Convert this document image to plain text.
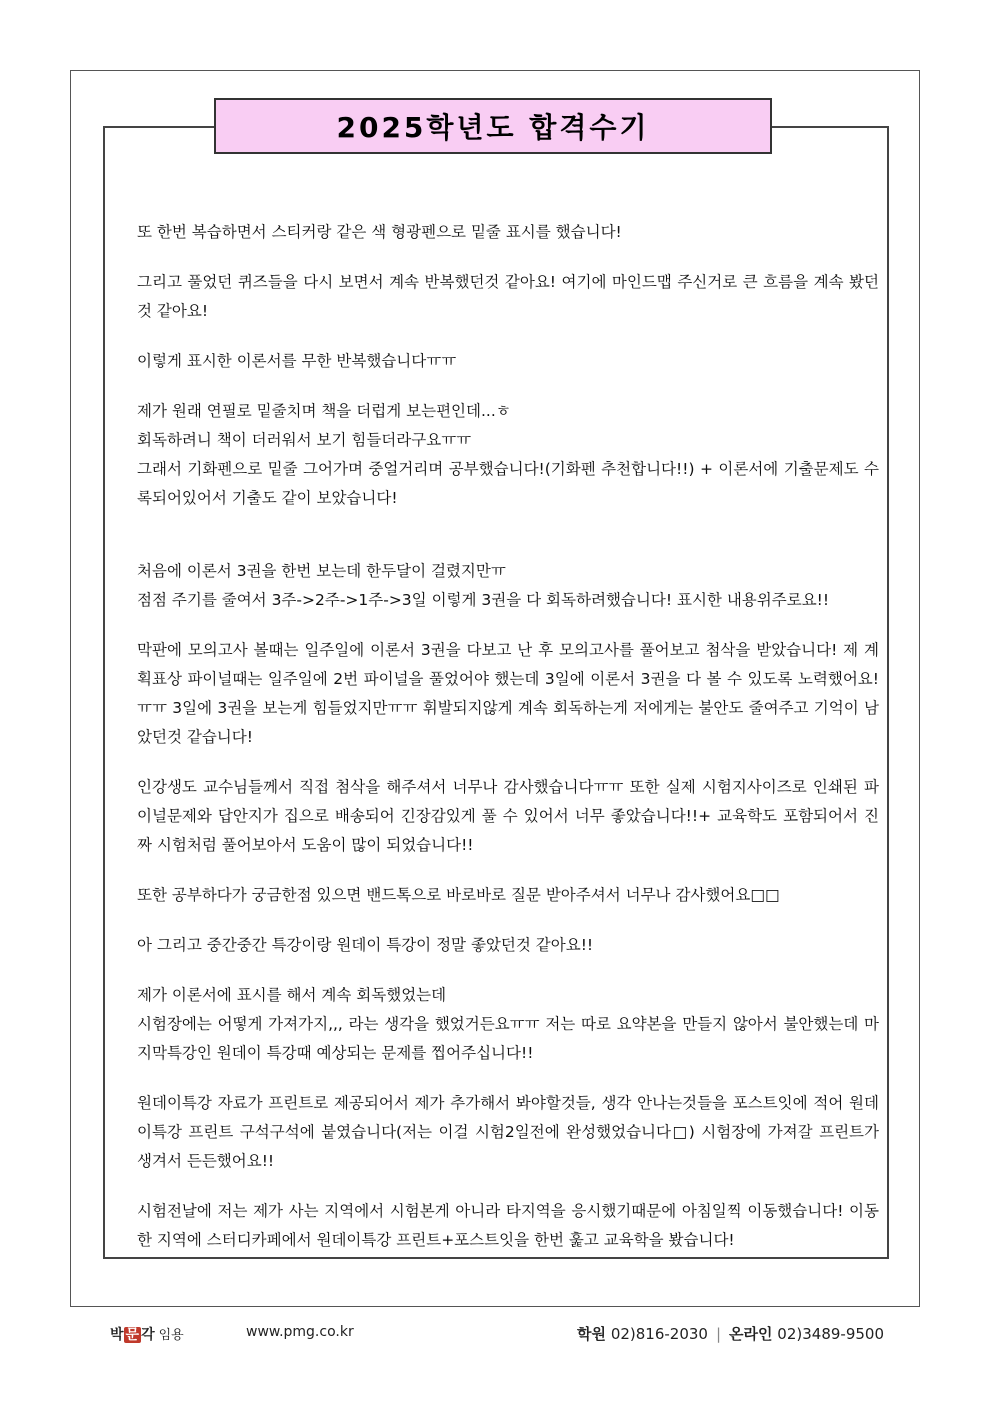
2025학년도 합격수기

또 한번 복습하면서 스티커랑 같은 색 형광펜으로 밑줄 표시를 했습니다!

그리고 풀었던 퀴즈들을 다시 보면서 계속 반복했던것 같아요! 여기에 마인드맵 주신거로 큰 흐름을 계속 봤던것 같아요!

이렇게 표시한 이론서를 무한 반복했습니다ㅠㅠ

제가 원래 연필로 밑줄치며 책을 더럽게 보는편인데...ㅎ
회독하려니 책이 더러워서 보기 힘들더라구요ㅠㅠ
그래서 기화펜으로 밑줄 그어가며 중얼거리며 공부했습니다!(기화펜 추천합니다!!) + 이론서에 기출문제도 수록되어있어서 기출도 같이 보았습니다!

처음에 이론서 3권을 한번 보는데 한두달이 걸렸지만ㅠ
점점 주기를 줄여서 3주->2주->1주->3일 이렇게 3권을 다 회독하려했습니다! 표시한 내용위주로요!!

막판에 모의고사 볼때는 일주일에 이론서 3권을 다보고 난 후 모의고사를 풀어보고 첨삭을 받았습니다! 제 계획표상 파이널때는 일주일에 2번 파이널을 풀었어야 했는데 3일에 이론서 3권을 다 볼 수 있도록 노력했어요!ㅠㅠ 3일에 3권을 보는게 힘들었지만ㅠㅠ 휘발되지않게 계속 회독하는게 저에게는 불안도 줄여주고 기억이 남았던것 같습니다!

인강생도 교수님들께서 직접 첨삭을 해주셔서 너무나 감사했습니다ㅠㅠ 또한 실제 시험지사이즈로 인쇄된 파이널문제와 답안지가 집으로 배송되어 긴장감있게 풀 수 있어서 너무 좋았습니다!!+ 교육학도 포함되어서 진짜 시험처럼 풀어보아서 도움이 많이 되었습니다!!

또한 공부하다가 궁금한점 있으면 밴드톡으로 바로바로 질문 받아주셔서 너무나 감사했어요□□

아 그리고 중간중간 특강이랑 원데이 특강이 정말 좋았던것 같아요!!

제가 이론서에 표시를 해서 계속 회독했었는데
시험장에는 어떻게 가져가지,,, 라는 생각을 했었거든요ㅠㅠ 저는 따로 요약본을 만들지 않아서 불안했는데 마지막특강인 원데이 특강때 예상되는 문제를 찝어주십니다!!

원데이특강 자료가 프린트로 제공되어서 제가 추가해서 봐야할것들, 생각 안나는것들을 포스트잇에 적어 원데이특강 프린트 구석구석에 붙였습니다(저는 이걸 시험2일전에 완성했었습니다□) 시험장에 가져갈 프린트가 생겨서 든든했어요!!

시험전날에 저는 제가 사는 지역에서 시험본게 아니라 타지역을 응시했기때문에 아침일찍 이동했습니다! 이동한 지역에 스터디카페에서 원데이특강 프린트+포스트잇을 한번 훑고 교육학을 봤습니다!

박 문 각 임용	www.pmg.co.kr	학원 02)816-2030 | 온라인 02)3489-9500
